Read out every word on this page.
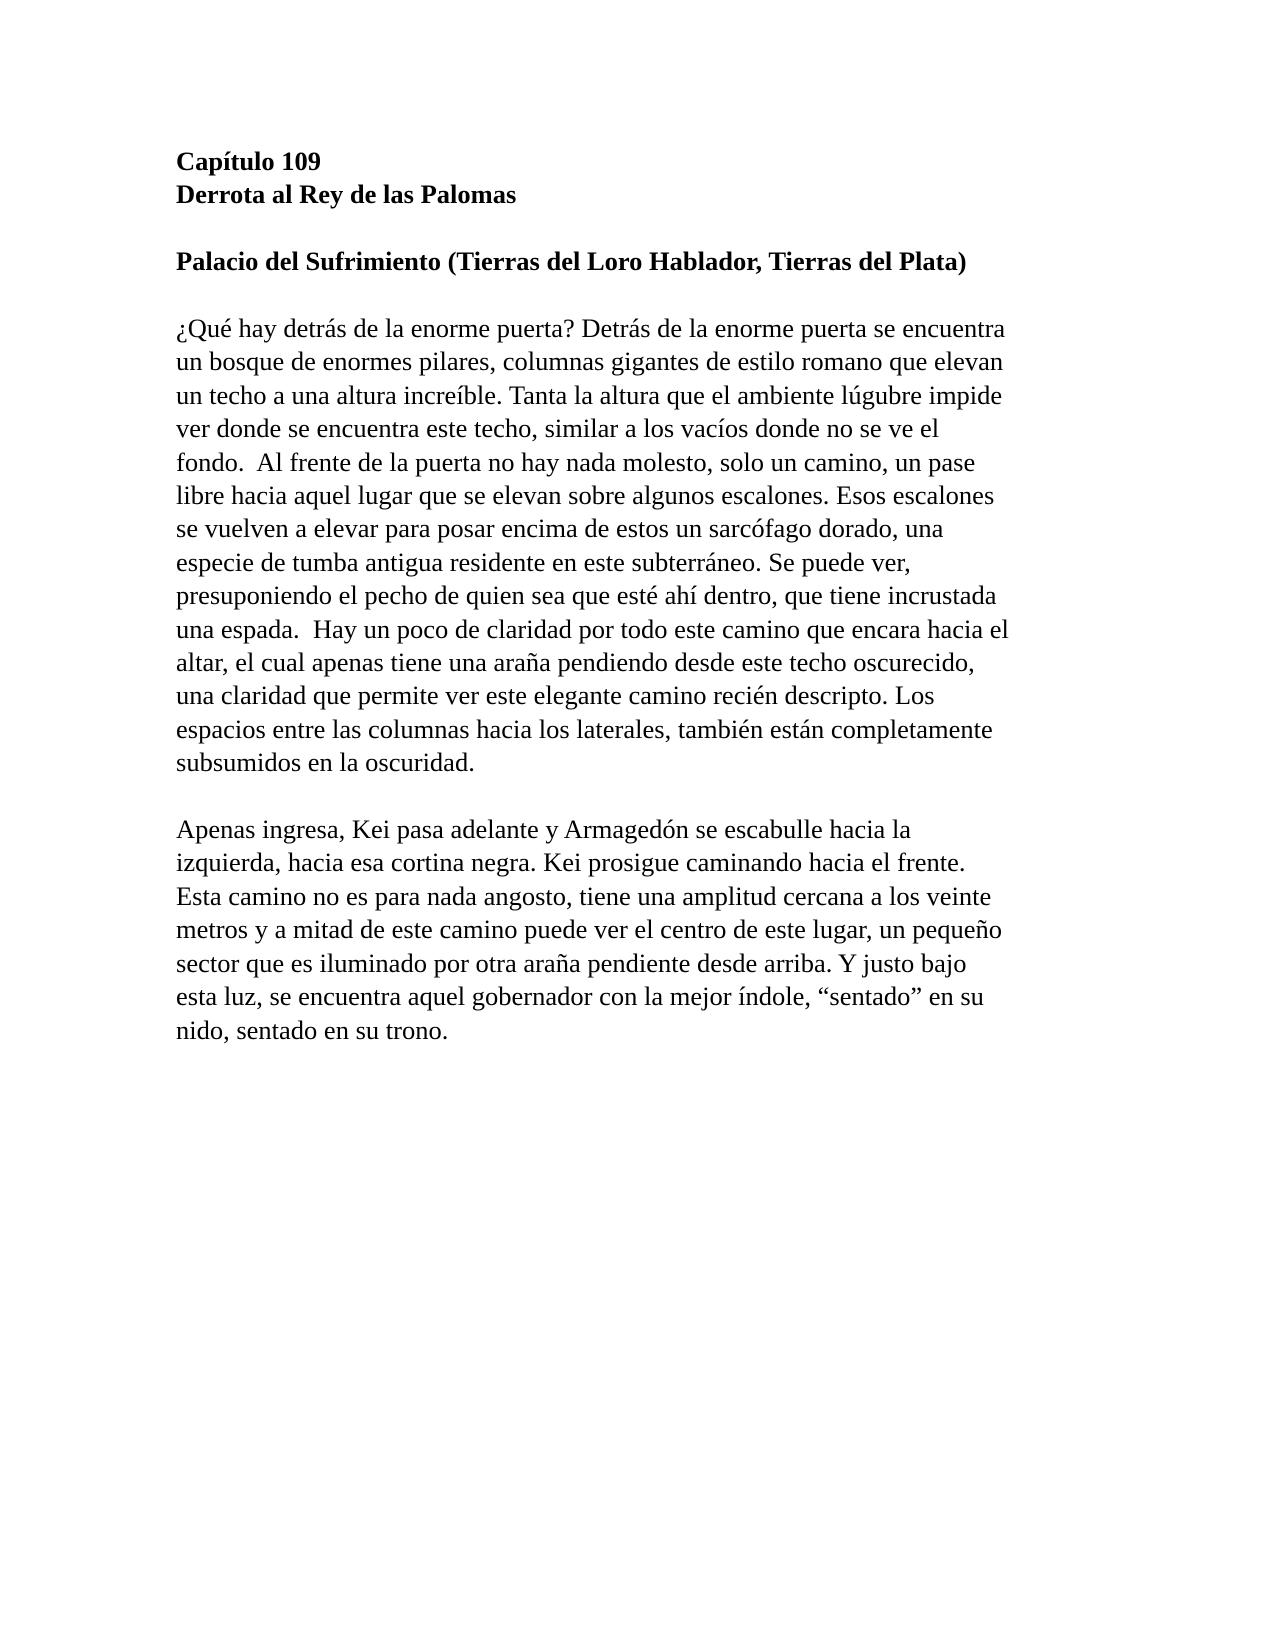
Capítulo 109
Derrota al Rey de las Palomas
Palacio del Sufrimiento (Tierras del Loro Hablador, Tierras del Plata)
¿Qué hay detrás de la enorme puerta? Detrás de la enorme puerta se encuentra
un bosque de enormes pilares, columnas gigantes de estilo romano que elevan
un techo a una altura increíble. Tanta la altura que el ambiente lúgubre impide
ver donde se encuentra este techo, similar a los vacíos donde no se ve el
fondo.  Al frente de la puerta no hay nada molesto, solo un camino, un pase
libre hacia aquel lugar que se elevan sobre algunos escalones. Esos escalones
se vuelven a elevar para posar encima de estos un sarcófago dorado, una
especie de tumba antigua residente en este subterráneo. Se puede ver,
presuponiendo el pecho de quien sea que esté ahí dentro, que tiene incrustada
una espada.  Hay un poco de claridad por todo este camino que encara hacia el
altar, el cual apenas tiene una araña pendiendo desde este techo oscurecido,
una claridad que permite ver este elegante camino recién descripto. Los
espacios entre las columnas hacia los laterales, también están completamente
subsumidos en la oscuridad.
Apenas ingresa, Kei pasa adelante y Armagedón se escabulle hacia la
izquierda, hacia esa cortina negra. Kei prosigue caminando hacia el frente.
Esta camino no es para nada angosto, tiene una amplitud cercana a los veinte
metros y a mitad de este camino puede ver el centro de este lugar, un pequeño
sector que es iluminado por otra araña pendiente desde arriba. Y justo bajo
esta luz, se encuentra aquel gobernador con la mejor índole, “sentado” en su
nido, sentado en su trono.
